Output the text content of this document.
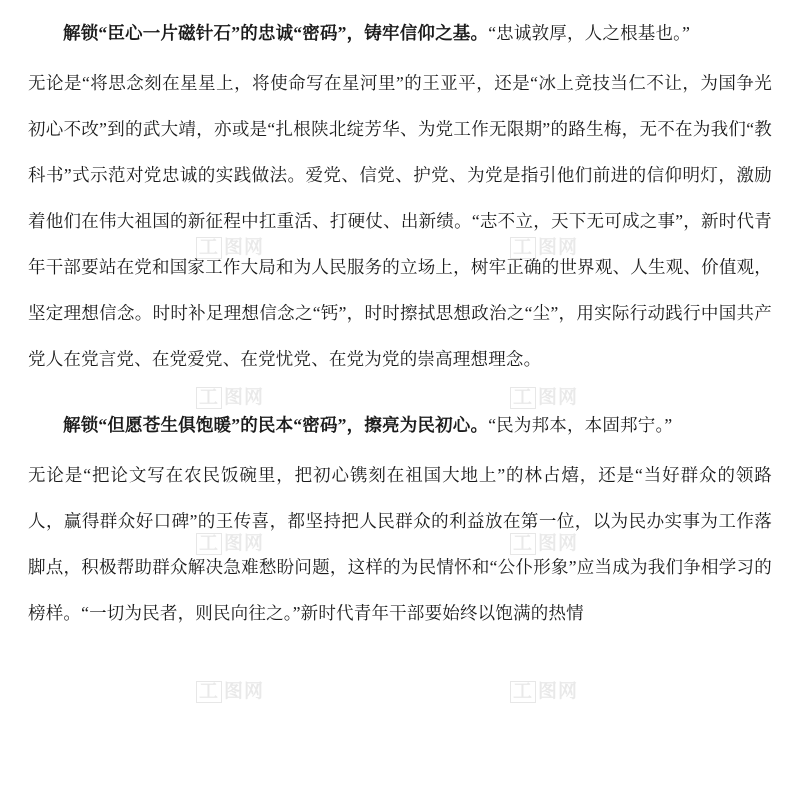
工 图网	工 图网
工 图网	工 图网
工 图网	工 图网
工 图网	工 图网

解锁“臣心一片磁针石”的忠诚“密码”，铸牢信仰之基。“忠诚敦厚，人之根基也。”

无论是“将思念刻在星星上，将使命写在星河里”的王亚平，还是“冰上竞技当仁不让，为国争光初心不改”到的武大靖，亦或是“扎根陕北绽芳华、为党工作无限期”的路生梅，无不在为我们“教科书”式示范对党忠诚的实践做法。爱党、信党、护党、为党是指引他们前进的信仰明灯，激励着他们在伟大祖国的新征程中扛重活、打硬仗、出新绩。“志不立，天下无可成之事”，新时代青年干部要站在党和国家工作大局和为人民服务的立场上，树牢正确的世界观、人生观、价值观，坚定理想信念。时时补足理想信念之“钙”，时时擦拭思想政治之“尘”，用实际行动践行中国共产党人在党言党、在党爱党、在党忧党、在党为党的崇高理想理念。

解锁“但愿苍生俱饱暖”的民本“密码”，擦亮为民初心。“民为邦本，本固邦宁。”

无论是“把论文写在农民饭碗里，把初心镌刻在祖国大地上”的林占熺，还是“当好群众的领路人，赢得群众好口碑”的王传喜，都坚持把人民群众的利益放在第一位，以为民办实事为工作落脚点，积极帮助群众解决急难愁盼问题，这样的为民情怀和“公仆形象”应当成为我们争相学习的榜样。“一切为民者，则民向往之。”新时代青年干部要始终以饱满的热情
